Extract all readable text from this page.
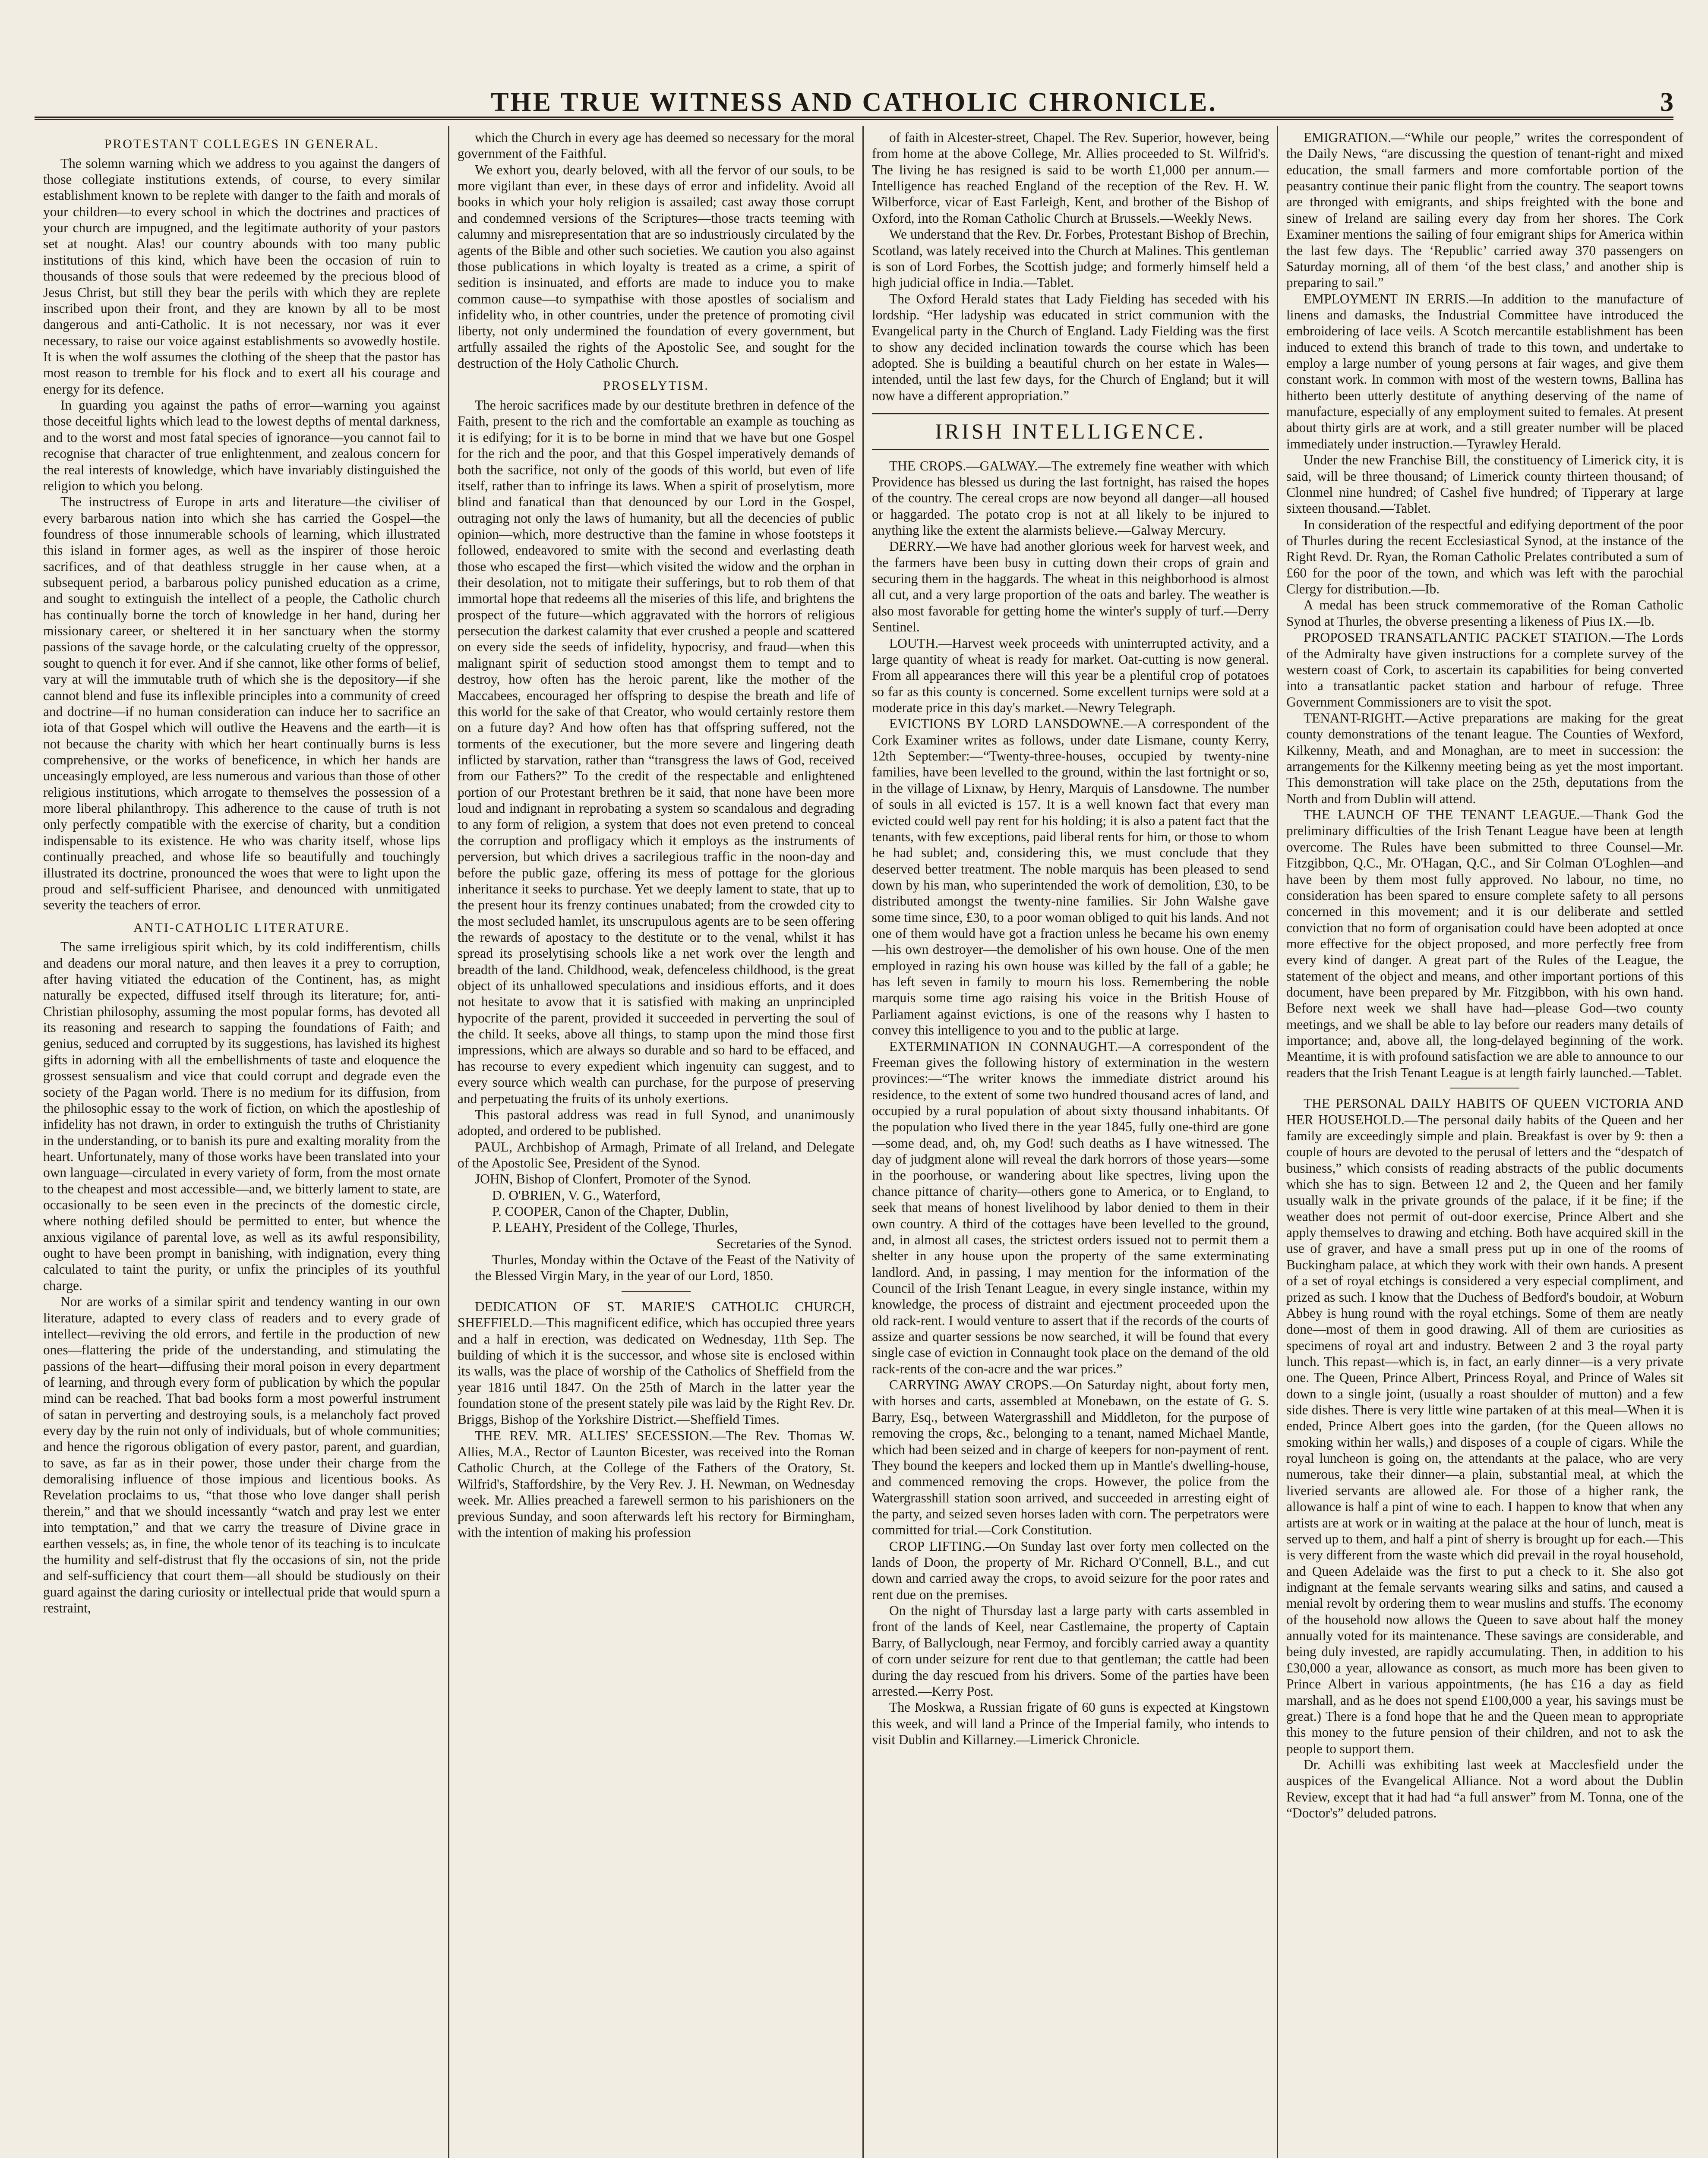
THE TRUE WITNESS AND CATHOLIC CHRONICLE.	3
PROTESTANT COLLEGES IN GENERAL.

The solemn warning which we address to you against the dangers of those collegiate institutions extends, of course, to every similar establishment known to be replete with danger to the faith and morals of your children—to every school in which the doctrines and practices of your church are impugned, and the legitimate authority of your pastors set at nought. Alas! our country abounds with too many public institutions of this kind, which have been the occasion of ruin to thousands of those souls that were redeemed by the precious blood of Jesus Christ, but still they bear the perils with which they are replete inscribed upon their front, and they are known by all to be most dangerous and anti-Catholic. It is not necessary, nor was it ever necessary, to raise our voice against establishments so avowedly hostile. It is when the wolf assumes the clothing of the sheep that the pastor has most reason to tremble for his flock and to exert all his courage and energy for its defence.

In guarding you against the paths of error—warning you against those deceitful lights which lead to the lowest depths of mental darkness, and to the worst and most fatal species of ignorance—you cannot fail to recognise that character of true enlightenment, and zealous concern for the real interests of knowledge, which have invariably distinguished the religion to which you belong.

The instructress of Europe in arts and literature—the civiliser of every barbarous nation into which she has carried the Gospel—the foundress of those innumerable schools of learning, which illustrated this island in former ages, as well as the inspirer of those heroic sacrifices, and of that deathless struggle in her cause when, at a subsequent period, a barbarous policy punished education as a crime, and sought to extinguish the intellect of a people, the Catholic church has continually borne the torch of knowledge in her hand, during her missionary career, or sheltered it in her sanctuary when the stormy passions of the savage horde, or the calculating cruelty of the oppressor, sought to quench it for ever. And if she cannot, like other forms of belief, vary at will the immutable truth of which she is the depository—if she cannot blend and fuse its inflexible principles into a community of creed and doctrine—if no human consideration can induce her to sacrifice an iota of that Gospel which will outlive the Heavens and the earth—it is not because the charity with which her heart continually burns is less comprehensive, or the works of beneficence, in which her hands are unceasingly employed, are less numerous and various than those of other religious institutions, which arrogate to themselves the possession of a more liberal philanthropy. This adherence to the cause of truth is not only perfectly compatible with the exercise of charity, but a condition indispensable to its existence. He who was charity itself, whose lips continually preached, and whose life so beautifully and touchingly illustrated its doctrine, pronounced the woes that were to light upon the proud and self-sufficient Pharisee, and denounced with unmitigated severity the teachers of error.

ANTI-CATHOLIC LITERATURE.

The same irreligious spirit which, by its cold indifferentism, chills and deadens our moral nature, and then leaves it a prey to corruption, after having vitiated the education of the Continent, has, as might naturally be expected, diffused itself through its literature; for, anti-Christian philosophy, assuming the most popular forms, has devoted all its reasoning and research to sapping the foundations of Faith; and genius, seduced and corrupted by its suggestions, has lavished its highest gifts in adorning with all the embellishments of taste and eloquence the grossest sensualism and vice that could corrupt and degrade even the society of the Pagan world. There is no medium for its diffusion, from the philosophic essay to the work of fiction, on which the apostleship of infidelity has not drawn, in order to extinguish the truths of Christianity in the understanding, or to banish its pure and exalting morality from the heart. Unfortunately, many of those works have been translated into your own language—circulated in every variety of form, from the most ornate to the cheapest and most accessible—and, we bitterly lament to state, are occasionally to be seen even in the precincts of the domestic circle, where nothing defiled should be permitted to enter, but whence the anxious vigilance of parental love, as well as its awful responsibility, ought to have been prompt in banishing, with indignation, every thing calculated to taint the purity, or unfix the principles of its youthful charge.

Nor are works of a similar spirit and tendency wanting in our own literature, adapted to every class of readers and to every grade of intellect—reviving the old errors, and fertile in the production of new ones—flattering the pride of the understanding, and stimulating the passions of the heart—diffusing their moral poison in every department of learning, and through every form of publication by which the popular mind can be reached. That bad books form a most powerful instrument of satan in perverting and destroying souls, is a melancholy fact proved every day by the ruin not only of individuals, but of whole communities; and hence the rigorous obligation of every pastor, parent, and guardian, to save, as far as in their power, those under their charge from the demoralising influence of those impious and licentious books. As Revelation proclaims to us, “that those who love danger shall perish therein,” and that we should incessantly “watch and pray lest we enter into temptation,” and that we carry the treasure of Divine grace in earthen vessels; as, in fine, the whole tenor of its teaching is to inculcate the humility and self-distrust that fly the occasions of sin, not the pride and self-sufficiency that court them—all should be studiously on their guard against the daring curiosity or intellectual pride that would spurn a restraint,

which the Church in every age has deemed so necessary for the moral government of the Faithful.

We exhort you, dearly beloved, with all the fervor of our souls, to be more vigilant than ever, in these days of error and infidelity. Avoid all books in which your holy religion is assailed; cast away those corrupt and condemned versions of the Scriptures—those tracts teeming with calumny and misrepresentation that are so industriously circulated by the agents of the Bible and other such societies. We caution you also against those publications in which loyalty is treated as a crime, a spirit of sedition is insinuated, and efforts are made to induce you to make common cause—to sympathise with those apostles of socialism and infidelity who, in other countries, under the pretence of promoting civil liberty, not only undermined the foundation of every government, but artfully assailed the rights of the Apostolic See, and sought for the destruction of the Holy Catholic Church.

PROSELYTISM.

The heroic sacrifices made by our destitute brethren in defence of the Faith, present to the rich and the comfortable an example as touching as it is edifying; for it is to be borne in mind that we have but one Gospel for the rich and the poor, and that this Gospel imperatively demands of both the sacrifice, not only of the goods of this world, but even of life itself, rather than to infringe its laws. When a spirit of proselytism, more blind and fanatical than that denounced by our Lord in the Gospel, outraging not only the laws of humanity, but all the decencies of public opinion—which, more destructive than the famine in whose footsteps it followed, endeavored to smite with the second and everlasting death those who escaped the first—which visited the widow and the orphan in their desolation, not to mitigate their sufferings, but to rob them of that immortal hope that redeems all the miseries of this life, and brightens the prospect of the future—which aggravated with the horrors of religious persecution the darkest calamity that ever crushed a people and scattered on every side the seeds of infidelity, hypocrisy, and fraud—when this malignant spirit of seduction stood amongst them to tempt and to destroy, how often has the heroic parent, like the mother of the Maccabees, encouraged her offspring to despise the breath and life of this world for the sake of that Creator, who would certainly restore them on a future day? And how often has that offspring suffered, not the torments of the executioner, but the more severe and lingering death inflicted by starvation, rather than “transgress the laws of God, received from our Fathers?” To the credit of the respectable and enlightened portion of our Protestant brethren be it said, that none have been more loud and indignant in reprobating a system so scandalous and degrading to any form of religion, a system that does not even pretend to conceal the corruption and profligacy which it employs as the instruments of perversion, but which drives a sacrilegious traffic in the noon-day and before the public gaze, offering its mess of pottage for the glorious inheritance it seeks to purchase. Yet we deeply lament to state, that up to the present hour its frenzy continues unabated; from the crowded city to the most secluded hamlet, its unscrupulous agents are to be seen offering the rewards of apostacy to the destitute or to the venal, whilst it has spread its proselytising schools like a net work over the length and breadth of the land. Childhood, weak, defenceless childhood, is the great object of its unhallowed speculations and insidious efforts, and it does not hesitate to avow that it is satisfied with making an unprincipled hypocrite of the parent, provided it succeeded in perverting the soul of the child. It seeks, above all things, to stamp upon the mind those first impressions, which are always so durable and so hard to be effaced, and has recourse to every expedient which ingenuity can suggest, and to every source which wealth can purchase, for the purpose of preserving and perpetuating the fruits of its unholy exertions.

This pastoral address was read in full Synod, and unanimously adopted, and ordered to be published.

PAUL, Archbishop of Armagh, Primate of all Ireland, and Delegate of the Apostolic See, President of the Synod.

JOHN, Bishop of Clonfert, Promoter of the Synod.

D. O'BRIEN, V. G., Waterford,

P. COOPER, Canon of the Chapter, Dublin,

P. LEAHY, President of the College, Thurles,

Secretaries of the Synod.

Thurles, Monday within the Octave of the Feast of the Nativity of the Blessed Virgin Mary, in the year of our Lord, 1850.

DEDICATION OF ST. MARIE'S CATHOLIC CHURCH, SHEFFIELD.—This magnificent edifice, which has occupied three years and a half in erection, was dedicated on Wednesday, 11th Sep. The building of which it is the successor, and whose site is enclosed within its walls, was the place of worship of the Catholics of Sheffield from the year 1816 until 1847. On the 25th of March in the latter year the foundation stone of the present stately pile was laid by the Right Rev. Dr. Briggs, Bishop of the Yorkshire District.—Sheffield Times.

THE REV. MR. ALLIES' SECESSION.—The Rev. Thomas W. Allies, M.A., Rector of Launton Bicester, was received into the Roman Catholic Church, at the College of the Fathers of the Oratory, St. Wilfrid's, Staffordshire, by the Very Rev. J. H. Newman, on Wednesday week. Mr. Allies preached a farewell sermon to his parishioners on the previous Sunday, and soon afterwards left his rectory for Birmingham, with the intention of making his profession

of faith in Alcester-street, Chapel. The Rev. Superior, however, being from home at the above College, Mr. Allies proceeded to St. Wilfrid's. The living he has resigned is said to be worth £1,000 per annum.—Intelligence has reached England of the reception of the Rev. H. W. Wilberforce, vicar of East Farleigh, Kent, and brother of the Bishop of Oxford, into the Roman Catholic Church at Brussels.—Weekly News.

We understand that the Rev. Dr. Forbes, Protestant Bishop of Brechin, Scotland, was lately received into the Church at Malines. This gentleman is son of Lord Forbes, the Scottish judge; and formerly himself held a high judicial office in India.—Tablet.

The Oxford Herald states that Lady Fielding has seceded with his lordship. “Her ladyship was educated in strict communion with the Evangelical party in the Church of England. Lady Fielding was the first to show any decided inclination towards the course which has been adopted. She is building a beautiful church on her estate in Wales—intended, until the last few days, for the Church of England; but it will now have a different appropriation.”

IRISH INTELLIGENCE.

THE CROPS.—GALWAY.—The extremely fine weather with which Providence has blessed us during the last fortnight, has raised the hopes of the country. The cereal crops are now beyond all danger—all housed or haggarded. The potato crop is not at all likely to be injured to anything like the extent the alarmists believe.—Galway Mercury.

DERRY.—We have had another glorious week for harvest week, and the farmers have been busy in cutting down their crops of grain and securing them in the haggards. The wheat in this neighborhood is almost all cut, and a very large proportion of the oats and barley. The weather is also most favorable for getting home the winter's supply of turf.—Derry Sentinel.

LOUTH.—Harvest week proceeds with uninterrupted activity, and a large quantity of wheat is ready for market. Oat-cutting is now general. From all appearances there will this year be a plentiful crop of potatoes so far as this county is concerned. Some excellent turnips were sold at a moderate price in this day's market.—Newry Telegraph.

EVICTIONS BY LORD LANSDOWNE.—A correspondent of the Cork Examiner writes as follows, under date Lismane, county Kerry, 12th September:—“Twenty-three-houses, occupied by twenty-nine families, have been levelled to the ground, within the last fortnight or so, in the village of Lixnaw, by Henry, Marquis of Lansdowne. The number of souls in all evicted is 157. It is a well known fact that every man evicted could well pay rent for his holding; it is also a patent fact that the tenants, with few exceptions, paid liberal rents for him, or those to whom he had sublet; and, considering this, we must conclude that they deserved better treatment. The noble marquis has been pleased to send down by his man, who superintended the work of demolition, £30, to be distributed amongst the twenty-nine families. Sir John Walshe gave some time since, £30, to a poor woman obliged to quit his lands. And not one of them would have got a fraction unless he became his own enemy—his own destroyer—the demolisher of his own house. One of the men employed in razing his own house was killed by the fall of a gable; he has left seven in family to mourn his loss. Remembering the noble marquis some time ago raising his voice in the British House of Parliament against evictions, is one of the reasons why I hasten to convey this intelligence to you and to the public at large.

EXTERMINATION IN CONNAUGHT.—A correspondent of the Freeman gives the following history of extermination in the western provinces:—“The writer knows the immediate district around his residence, to the extent of some two hundred thousand acres of land, and occupied by a rural population of about sixty thousand inhabitants. Of the population who lived there in the year 1845, fully one-third are gone—some dead, and, oh, my God! such deaths as I have witnessed. The day of judgment alone will reveal the dark horrors of those years—some in the poorhouse, or wandering about like spectres, living upon the chance pittance of charity—others gone to America, or to England, to seek that means of honest livelihood by labor denied to them in their own country. A third of the cottages have been levelled to the ground, and, in almost all cases, the strictest orders issued not to permit them a shelter in any house upon the property of the same exterminating landlord. And, in passing, I may mention for the information of the Council of the Irish Tenant League, in every single instance, within my knowledge, the process of distraint and ejectment proceeded upon the old rack-rent. I would venture to assert that if the records of the courts of assize and quarter sessions be now searched, it will be found that every single case of eviction in Connaught took place on the demand of the old rack-rents of the con-acre and the war prices.”

CARRYING AWAY CROPS.—On Saturday night, about forty men, with horses and carts, assembled at Monebawn, on the estate of G. S. Barry, Esq., between Watergrasshill and Middleton, for the purpose of removing the crops, &c., belonging to a tenant, named Michael Mantle, which had been seized and in charge of keepers for non-payment of rent. They bound the keepers and locked them up in Mantle's dwelling-house, and commenced removing the crops. However, the police from the Watergrasshill station soon arrived, and succeeded in arresting eight of the party, and seized seven horses laden with corn. The perpetrators were committed for trial.—Cork Constitution.

CROP LIFTING.—On Sunday last over forty men collected on the lands of Doon, the property of Mr. Richard O'Connell, B.L., and cut down and carried away the crops, to avoid seizure for the poor rates and rent due on the premises.

On the night of Thursday last a large party with carts assembled in front of the lands of Keel, near Castlemaine, the property of Captain Barry, of Ballyclough, near Fermoy, and forcibly carried away a quantity of corn under seizure for rent due to that gentleman; the cattle had been during the day rescued from his drivers. Some of the parties have been arrested.—Kerry Post.

The Moskwa, a Russian frigate of 60 guns is expected at Kingstown this week, and will land a Prince of the Imperial family, who intends to visit Dublin and Killarney.—Limerick Chronicle.

EMIGRATION.—“While our people,” writes the correspondent of the Daily News, “are discussing the question of tenant-right and mixed education, the small farmers and more comfortable portion of the peasantry continue their panic flight from the country. The seaport towns are thronged with emigrants, and ships freighted with the bone and sinew of Ireland are sailing every day from her shores. The Cork Examiner mentions the sailing of four emigrant ships for America within the last few days. The ‘Republic’ carried away 370 passengers on Saturday morning, all of them ‘of the best class,’ and another ship is preparing to sail.”

EMPLOYMENT IN ERRIS.—In addition to the manufacture of linens and damasks, the Industrial Committee have introduced the embroidering of lace veils. A Scotch mercantile establishment has been induced to extend this branch of trade to this town, and undertake to employ a large number of young persons at fair wages, and give them constant work. In common with most of the western towns, Ballina has hitherto been utterly destitute of anything deserving of the name of manufacture, especially of any employment suited to females. At present about thirty girls are at work, and a still greater number will be placed immediately under instruction.—Tyrawley Herald.

Under the new Franchise Bill, the constituency of Limerick city, it is said, will be three thousand; of Limerick county thirteen thousand; of Clonmel nine hundred; of Cashel five hundred; of Tipperary at large sixteen thousand.—Tablet.

In consideration of the respectful and edifying deportment of the poor of Thurles during the recent Ecclesiastical Synod, at the instance of the Right Revd. Dr. Ryan, the Roman Catholic Prelates contributed a sum of £60 for the poor of the town, and which was left with the parochial Clergy for distribution.—Ib.

A medal has been struck commemorative of the Roman Catholic Synod at Thurles, the obverse presenting a likeness of Pius IX.—Ib.

PROPOSED TRANSATLANTIC PACKET STATION.—The Lords of the Admiralty have given instructions for a complete survey of the western coast of Cork, to ascertain its capabilities for being converted into a transatlantic packet station and harbour of refuge. Three Government Commissioners are to visit the spot.

TENANT-RIGHT.—Active preparations are making for the great county demonstrations of the tenant league. The Counties of Wexford, Kilkenny, Meath, and and Monaghan, are to meet in succession: the arrangements for the Kilkenny meeting being as yet the most important. This demonstration will take place on the 25th, deputations from the North and from Dublin will attend.

THE LAUNCH OF THE TENANT LEAGUE.—Thank God the preliminary difficulties of the Irish Tenant League have been at length overcome. The Rules have been submitted to three Counsel—Mr. Fitzgibbon, Q.C., Mr. O'Hagan, Q.C., and Sir Colman O'Loghlen—and have been by them most fully approved. No labour, no time, no consideration has been spared to ensure complete safety to all persons concerned in this movement; and it is our deliberate and settled conviction that no form of organisation could have been adopted at once more effective for the object proposed, and more perfectly free from every kind of danger. A great part of the Rules of the League, the statement of the object and means, and other important portions of this document, have been prepared by Mr. Fitzgibbon, with his own hand. Before next week we shall have had—please God—two county meetings, and we shall be able to lay before our readers many details of importance; and, above all, the long-delayed beginning of the work. Meantime, it is with profound satisfaction we are able to announce to our readers that the Irish Tenant League is at length fairly launched.—Tablet.

THE PERSONAL DAILY HABITS OF QUEEN VICTORIA AND HER HOUSEHOLD.—The personal daily habits of the Queen and her family are exceedingly simple and plain. Breakfast is over by 9: then a couple of hours are devoted to the perusal of letters and the “despatch of business,” which consists of reading abstracts of the public documents which she has to sign. Between 12 and 2, the Queen and her family usually walk in the private grounds of the palace, if it be fine; if the weather does not permit of out-door exercise, Prince Albert and she apply themselves to drawing and etching. Both have acquired skill in the use of graver, and have a small press put up in one of the rooms of Buckingham palace, at which they work with their own hands. A present of a set of royal etchings is considered a very especial compliment, and prized as such. I know that the Duchess of Bedford's boudoir, at Woburn Abbey is hung round with the royal etchings. Some of them are neatly done—most of them in good drawing. All of them are curiosities as specimens of royal art and industry. Between 2 and 3 the royal party lunch. This repast—which is, in fact, an early dinner—is a very private one. The Queen, Prince Albert, Princess Royal, and Prince of Wales sit down to a single joint, (usually a roast shoulder of mutton) and a few side dishes. There is very little wine partaken of at this meal—When it is ended, Prince Albert goes into the garden, (for the Queen allows no smoking within her walls,) and disposes of a couple of cigars. While the royal luncheon is going on, the attendants at the palace, who are very numerous, take their dinner—a plain, substantial meal, at which the liveried servants are allowed ale. For those of a higher rank, the allowance is half a pint of wine to each. I happen to know that when any artists are at work or in waiting at the palace at the hour of lunch, meat is served up to them, and half a pint of sherry is brought up for each.—This is very different from the waste which did prevail in the royal household, and Queen Adelaide was the first to put a check to it. She also got indignant at the female servants wearing silks and satins, and caused a menial revolt by ordering them to wear muslins and stuffs. The economy of the household now allows the Queen to save about half the money annually voted for its maintenance. These savings are considerable, and being duly invested, are rapidly accumulating. Then, in addition to his £30,000 a year, allowance as consort, as much more has been given to Prince Albert in various appointments, (he has £16 a day as field marshall, and as he does not spend £100,000 a year, his savings must be great.) There is a fond hope that he and the Queen mean to appropriate this money to the future pension of their children, and not to ask the people to support them.

Dr. Achilli was exhibiting last week at Macclesfield under the auspices of the Evangelical Alliance. Not a word about the Dublin Review, except that it had had “a full answer” from M. Tonna, one of the “Doctor's” deluded patrons.
